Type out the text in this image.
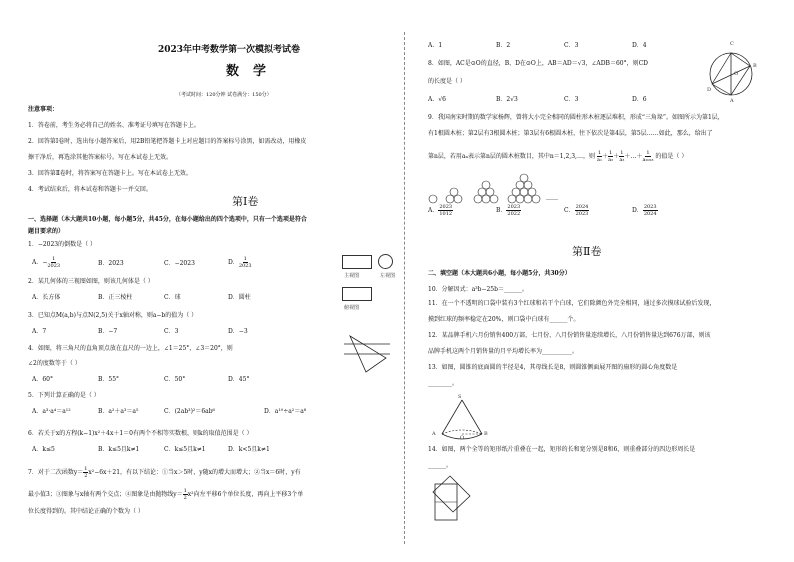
2023年中考数学第一次模拟考试卷
数学
（考试时间：120分钟 试卷满分：150分）
注意事项：
1．答卷前，考生务必将自己的姓名、准考证号填写在答题卡上。
2．回答第Ⅰ卷时，选出每小题答案后，用2B铅笔把答题卡上对应题目的答案标号涂黑，如需改动，用橡皮
擦干净后，再选涂其他答案标号。写在本试卷上无效。
3．回答第Ⅱ卷时，将答案写在答题卡上。写在本试卷上无效。
4．考试结束后，将本试卷和答题卡一并交回。
第Ⅰ卷
一、选择题（本大题共10小题，每小题5分，共45分，在每小题给出的四个选项中，只有一个选项是符合
题目要求的）
1．−2023的倒数是（ ）
A．− $\frac{1}{2023}$	B．2023	C．−2023	D． $\frac{1}{2023}$
主视图	左视图
俯视图
2．某几何体的三视图如图，则该几何体是（ ）
A．长方体	B．正三棱柱	C．球	D．圆柱
3．已知点M(a,b)与点N(2,5)关于x轴对称，则a−b的值为（ ）
A．7	B．−7	C．3	D．−3
4．如图，将三角尺的直角顶点放在直尺的一边上，∠1＝25°，∠3＝20°，则
∠2的度数等于（ ）
A．60°	B．55°	C．50°	D．45°
5．下列计算正确的是（ ）
A．a³·a⁴＝a¹²	B．a²＋a³＝a⁵	C．(2ab³)²＝6ab⁶	D．a¹⁰÷a²＝a⁸
6．若关于x的方程(k−1)x²＋4x＋1＝0有两个不相等实数根，则k的取值范围是（ ）
A．k≤5	B．k≤5且k≠1	C．k≤5且k≠1	D．k<5且k≠1
7．对于二次函数$y= \frac{1}{2} x^2-6x+21$，有以下结论：①当x＞5时，y随x的增大而增大；②当x＝6时，y有
最小值3；③图象与x轴有两个交点；④图象是由抛物线$y= \frac{1}{2} x^2$向左平移6个单位长度，再向上平移3个单
位长度得到的。其中结论正确的个数为（ ）
A．1	B．2	C．3	D．4
8．如图，AC是⊙O的直径，B、D在⊙O上，AB＝AD＝√3，∠ADB＝60°，则CD
的长度是（ ）
A．√6	B．2√3	C．3	D．6
C
B
D
A
O
9．我国南宋时期的数学家杨辉，曾将大小完全相同的圆柱形木桩逐层堆积，形成“三角垛”。如图所示为第1层，
有1根圆木桩；第2层有3根圆木桩；第3层有6根圆木桩，往下依次是第4层，第5层……如此，那么，给出了
第n层，若用aₙ表示第n层的圆木桩数目，其中n＝1,2,3,…，则 $\frac{1}{\text{a₁}} + \frac{1}{\text{a₂}} + \frac{1}{\text{a₃}}$ ＋…＋ $\frac{1}{\text{a₂₀₂₃}}$ 的值是（ ）
……
A． $\frac{2023}{1012}$	B． $\frac{2023}{2022}$	C． $\frac{2024}{2023}$	D． $\frac{2023}{2024}$
第Ⅱ卷
二、填空题（本大题共6小题，每小题5分，共30分）
10．分解因式：a³b−25b＝______。
11．在一个不透明的口袋中装有3个红球和若干个白球，它们除颜色外完全相同，通过多次摸球试验后发现，
摸到红球的频率稳定在20%，则口袋中白球有______个。
12．某品牌手机六月份销售400万部，七月份、八月份销售量连续增长，八月份销售量达到676万部，则该
品牌手机这两个月销售量的月平均增长率为__________。
13．如图，圆锥的底面圆的半径是4，其母线长是8，则圆锥侧面展开图的扇形的圆心角度数是
________。
S
A	B
O
14．如图，两个全等的矩形纸片重叠在一起，矩形的长和宽分别是8和6，则重叠部分的四边形周长是
______。
